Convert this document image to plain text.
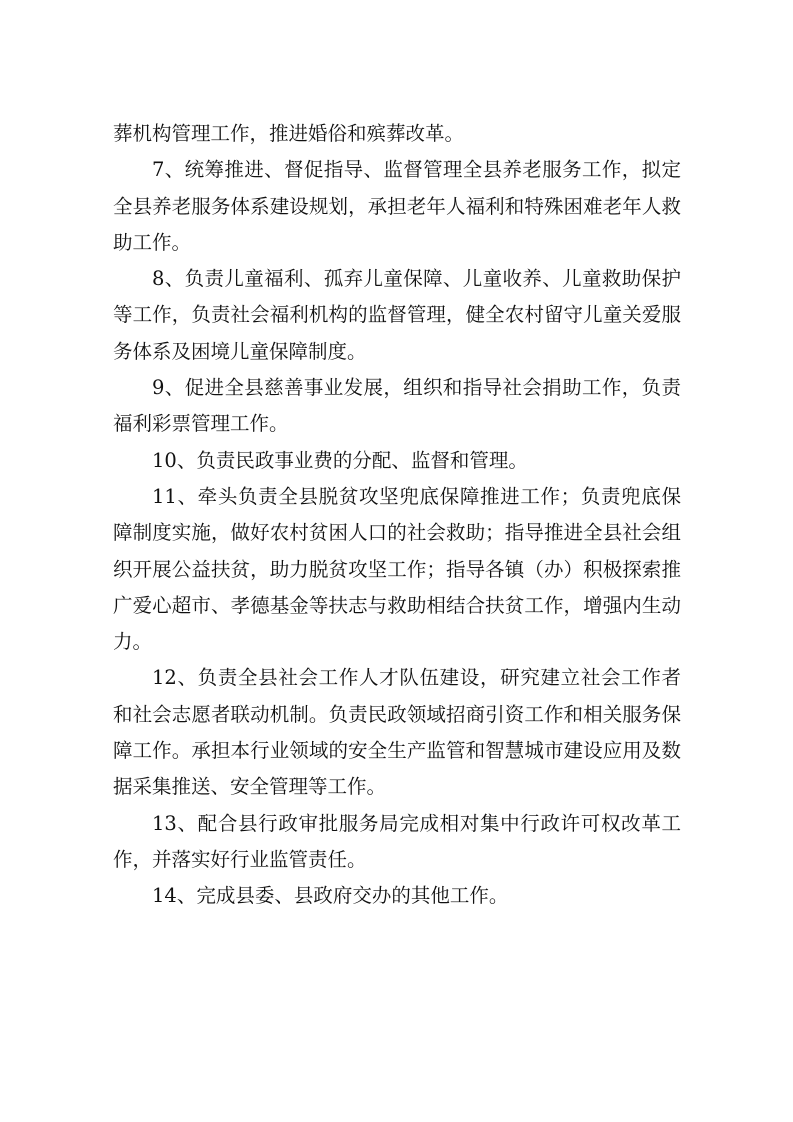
葬机构管理工作，推进婚俗和殡葬改革。

7、统筹推进、督促指导、监督管理全县养老服务工作，拟定全县养老服务体系建设规划，承担老年人福利和特殊困难老年人救助工作。

8、负责儿童福利、孤弃儿童保障、儿童收养、儿童救助保护等工作，负责社会福利机构的监督管理，健全农村留守儿童关爱服务体系及困境儿童保障制度。

9、促进全县慈善事业发展，组织和指导社会捐助工作，负责福利彩票管理工作。

10、负责民政事业费的分配、监督和管理。

11、牵头负责全县脱贫攻坚兜底保障推进工作；负责兜底保障制度实施，做好农村贫困人口的社会救助；指导推进全县社会组织开展公益扶贫，助力脱贫攻坚工作；指导各镇（办）积极探索推广爱心超市、孝德基金等扶志与救助相结合扶贫工作，增强内生动力。

12、负责全县社会工作人才队伍建设，研究建立社会工作者和社会志愿者联动机制。负责民政领域招商引资工作和相关服务保障工作。承担本行业领域的安全生产监管和智慧城市建设应用及数据采集推送、安全管理等工作。

13、配合县行政审批服务局完成相对集中行政许可权改革工作，并落实好行业监管责任。

14、完成县委、县政府交办的其他工作。
